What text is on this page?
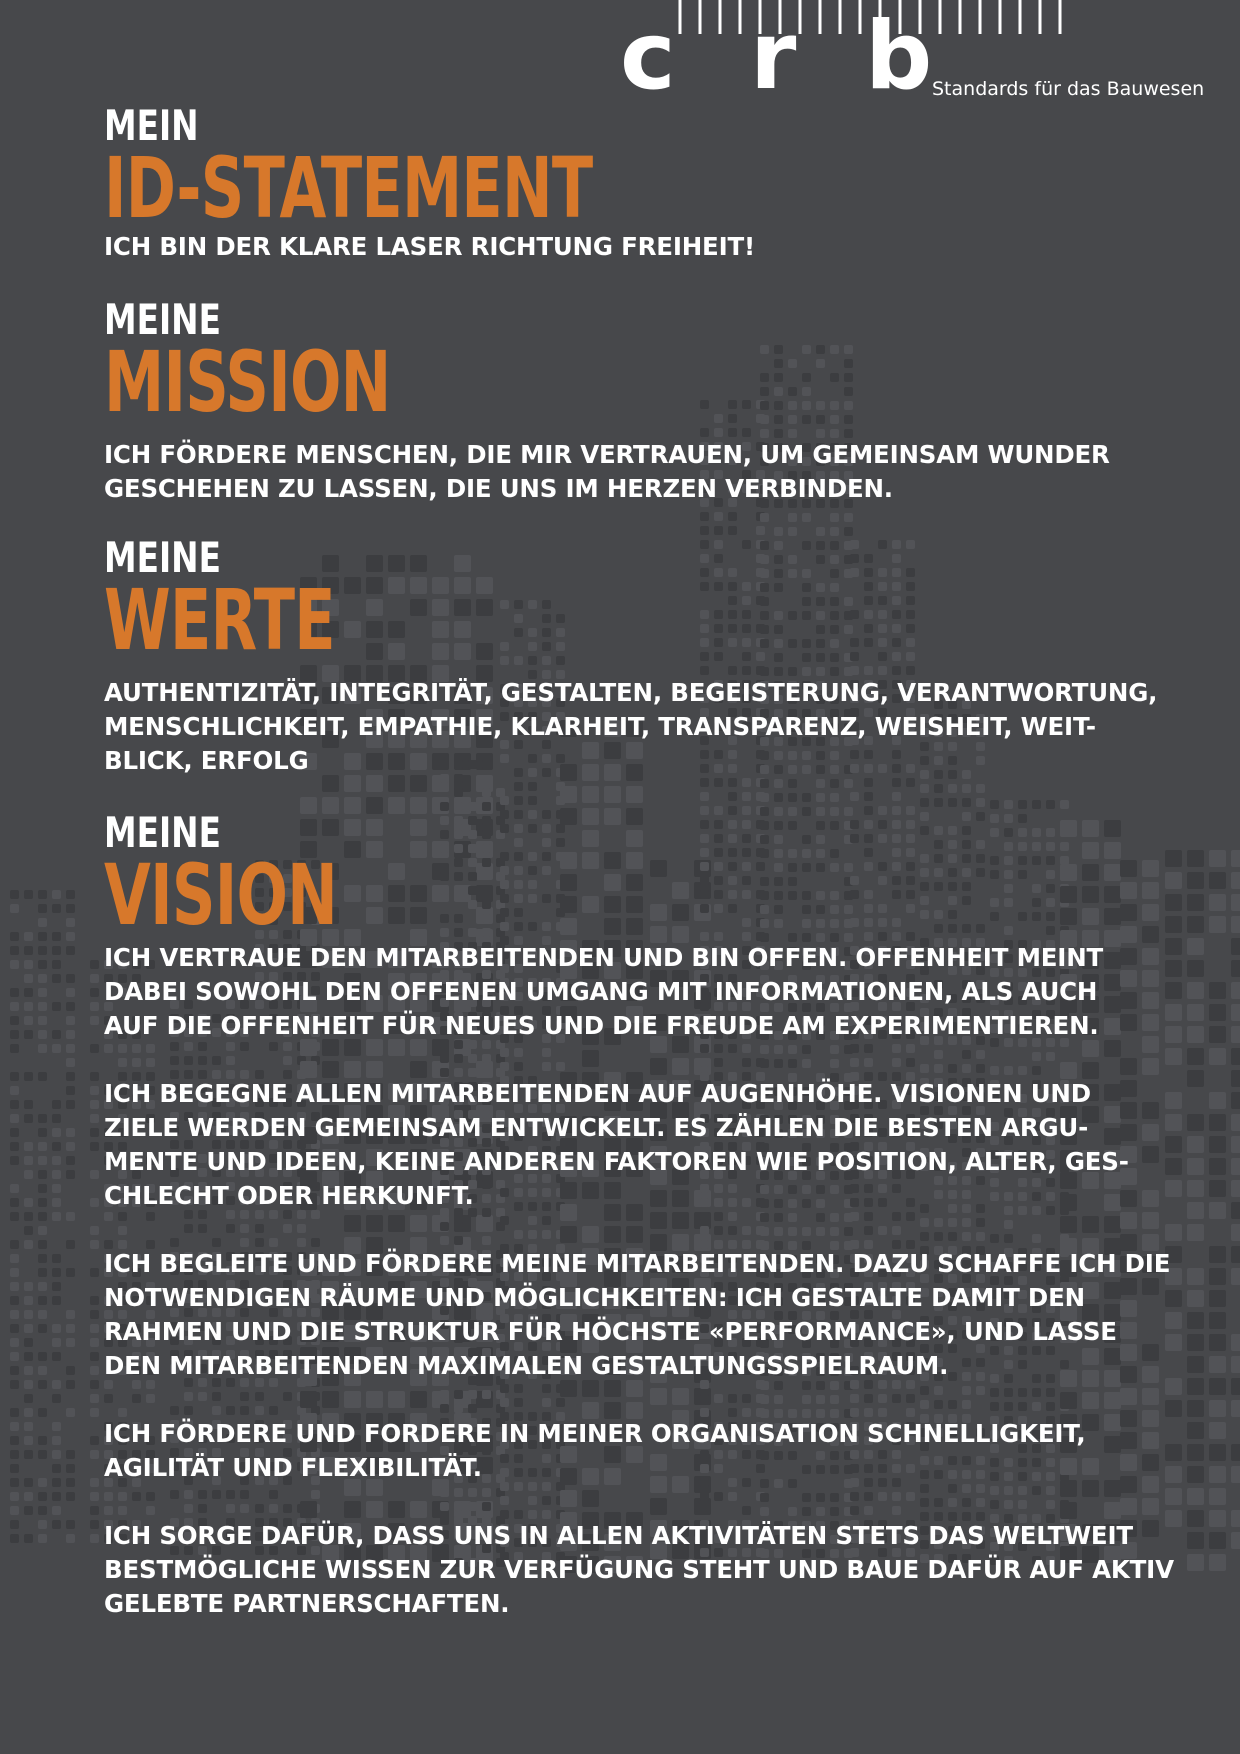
c r b Standards für das Bauwesen

MEIN

ID-STATEMENT

ICH BIN DER KLARE LASER RICHTUNG FREIHEIT!

MEINE

MISSION

ICH FÖRDERE MENSCHEN, DIE MIR VERTRAUEN, UM GEMEINSAM WUNDER

GESCHEHEN ZU LASSEN, DIE UNS IM HERZEN VERBINDEN.

MEINE

WERTE

AUTHENTIZITÄT, INTEGRITÄT, GESTALTEN, BEGEISTERUNG, VERANTWORTUNG,

MENSCHLICHKEIT, EMPATHIE, KLARHEIT, TRANSPARENZ, WEISHEIT, WEIT-

BLICK, ERFOLG

MEINE

VISION

ICH VERTRAUE DEN MITARBEITENDEN UND BIN OFFEN. OFFENHEIT MEINT

DABEI SOWOHL DEN OFFENEN UMGANG MIT INFORMATIONEN, ALS AUCH

AUF DIE OFFENHEIT FÜR NEUES UND DIE FREUDE AM EXPERIMENTIEREN.

ICH BEGEGNE ALLEN MITARBEITENDEN AUF AUGENHÖHE. VISIONEN UND

ZIELE WERDEN GEMEINSAM ENTWICKELT. ES ZÄHLEN DIE BESTEN ARGU-

MENTE UND IDEEN, KEINE ANDEREN FAKTOREN WIE POSITION, ALTER, GES-

CHLECHT ODER HERKUNFT.

ICH BEGLEITE UND FÖRDERE MEINE MITARBEITENDEN. DAZU SCHAFFE ICH DIE

NOTWENDIGEN RÄUME UND MÖGLICHKEITEN: ICH GESTALTE DAMIT DEN

RAHMEN UND DIE STRUKTUR FÜR HÖCHSTE «PERFORMANCE», UND LASSE

DEN MITARBEITENDEN MAXIMALEN GESTALTUNGSSPIELRAUM.

ICH FÖRDERE UND FORDERE IN MEINER ORGANISATION SCHNELLIGKEIT,

AGILITÄT UND FLEXIBILITÄT.

ICH SORGE DAFÜR, DASS UNS IN ALLEN AKTIVITÄTEN STETS DAS WELTWEIT

BESTMÖGLICHE WISSEN ZUR VERFÜGUNG STEHT UND BAUE DAFÜR AUF AKTIV

GELEBTE PARTNERSCHAFTEN.
